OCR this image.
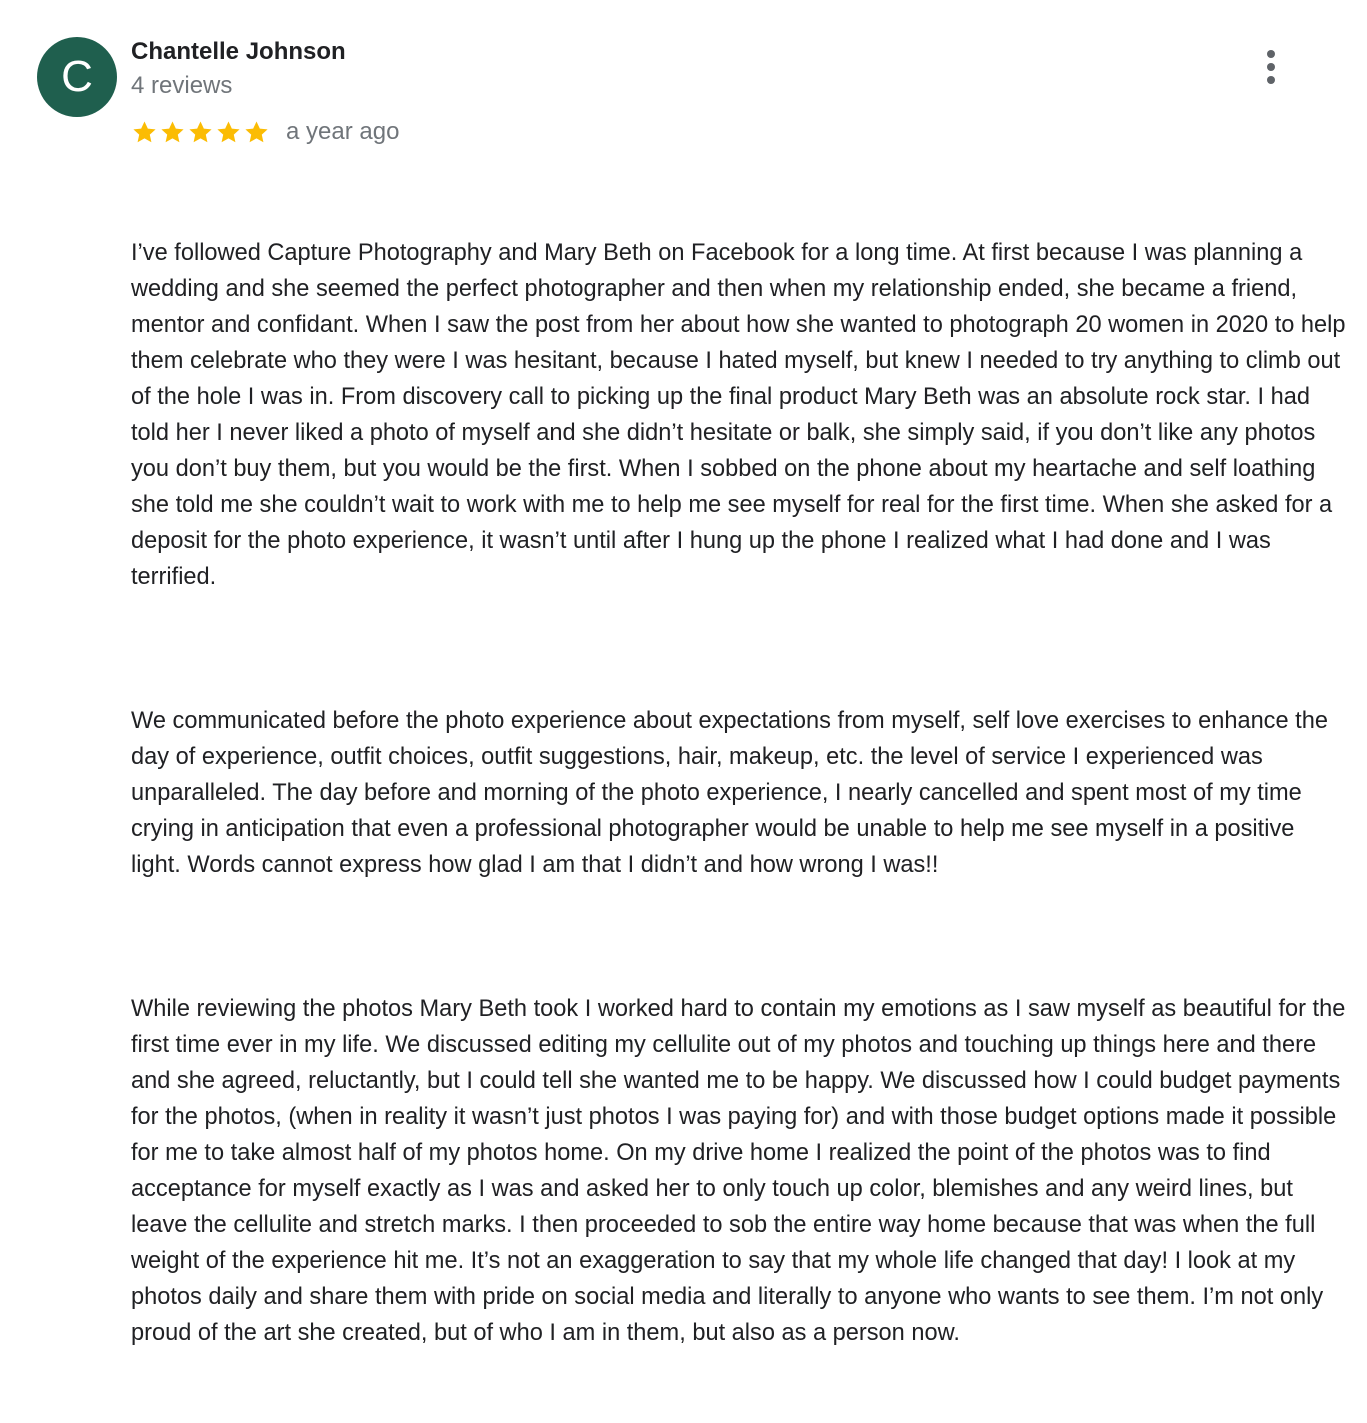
C
Chantelle Johnson
4 reviews
a year ago

I’ve followed Capture Photography and Mary Beth on Facebook for a long time. At first because I was planning a wedding and she seemed the perfect photographer and then when my relationship ended, she became a friend, mentor and confidant. When I saw the post from her about how she wanted to photograph 20 women in 2020 to help them celebrate who they were I was hesitant, because I hated myself, but knew I needed to try anything to climb out of the hole I was in. From discovery call to picking up the final product Mary Beth was an absolute rock star. I had told her I never liked a photo of myself and she didn’t hesitate or balk, she simply said, if you don’t like any photos you don’t buy them, but you would be the first. When I sobbed on the phone about my heartache and self loathing she told me she couldn’t wait to work with me to help me see myself for real for the first time. When she asked for a deposit for the photo experience, it wasn’t until after I hung up the phone I realized what I had done and I was terrified.

We communicated before the photo experience about expectations from myself, self love exercises to enhance the day of experience, outfit choices, outfit suggestions, hair, makeup, etc. the level of service I experienced was unparalleled. The day before and morning of the photo experience, I nearly cancelled and spent most of my time crying in anticipation that even a professional photographer would be unable to help me see myself in a positive light. Words cannot express how glad I am that I didn’t and how wrong I was!!

While reviewing the photos Mary Beth took I worked hard to contain my emotions as I saw myself as beautiful for the first time ever in my life. We discussed editing my cellulite out of my photos and touching up things here and there and she agreed, reluctantly, but I could tell she wanted me to be happy. We discussed how I could budget payments for the photos, (when in reality it wasn’t just photos I was paying for) and with those budget options made it possible for me to take almost half of my photos home. On my drive home I realized the point of the photos was to find acceptance for myself exactly as I was and asked her to only touch up color, blemishes and any weird lines, but leave the cellulite and stretch marks. I then proceeded to sob the entire way home because that was when the full weight of the experience hit me. It’s not an exaggeration to say that my whole life changed that day! I look at my photos daily and share them with pride on social media and literally to anyone who wants to see them. I’m not only proud of the art she created, but of who I am in them, but also as a person now.
